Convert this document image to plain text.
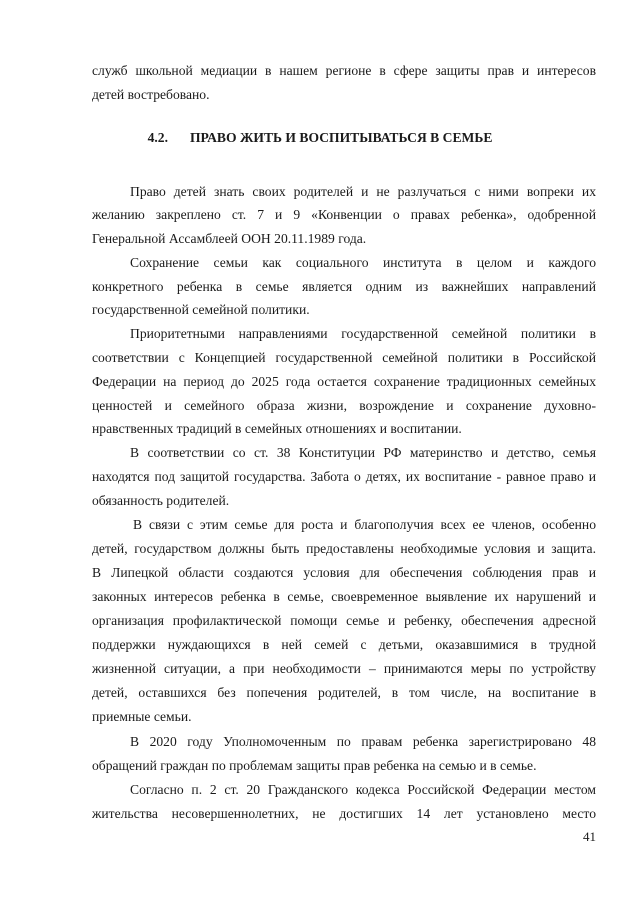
служб школьной медиации в нашем регионе в сфере защиты прав и интересов
детей востребовано.
4.2. ПРАВО ЖИТЬ И ВОСПИТЫВАТЬСЯ В СЕМЬЕ
Право детей знать своих родителей и не разлучаться с ними вопреки их
желанию закреплено ст. 7 и 9 «Конвенции о правах ребенка», одобренной
Генеральной Ассамблеей ООН 20.11.1989 года.
Сохранение семьи как социального института в целом и каждого
конкретного ребенка в семье является одним из важнейших направлений
государственной семейной политики.
Приоритетными направлениями государственной семейной политики в
соответствии с Концепцией государственной семейной политики в Российской
Федерации на период до 2025 года остается сохранение традиционных семейных
ценностей и семейного образа жизни, возрождение и сохранение духовно-
нравственных традиций в семейных отношениях и воспитании.
В соответствии со ст. 38 Конституции РФ материнство и детство, семья
находятся под защитой государства. Забота о детях, их воспитание - равное право и
обязанность родителей.
В связи с этим семье для роста и благополучия всех ее членов, особенно
детей, государством должны быть предоставлены необходимые условия и защита.
В Липецкой области создаются условия для обеспечения соблюдения прав и
законных интересов ребенка в семье, своевременное выявление их нарушений и
организация профилактической помощи семье и ребенку, обеспечения адресной
поддержки нуждающихся в ней семей с детьми, оказавшимися в трудной
жизненной ситуации, а при необходимости – принимаются меры по устройству
детей, оставшихся без попечения родителей, в том числе, на воспитание в
приемные семьи.
В 2020 году Уполномоченным по правам ребенка зарегистрировано 48
обращений граждан по проблемам защиты прав ребенка на семью и в семье.
Согласно п. 2 ст. 20 Гражданского кодекса Российской Федерации местом
жительства несовершеннолетних, не достигших 14 лет установлено место
41
